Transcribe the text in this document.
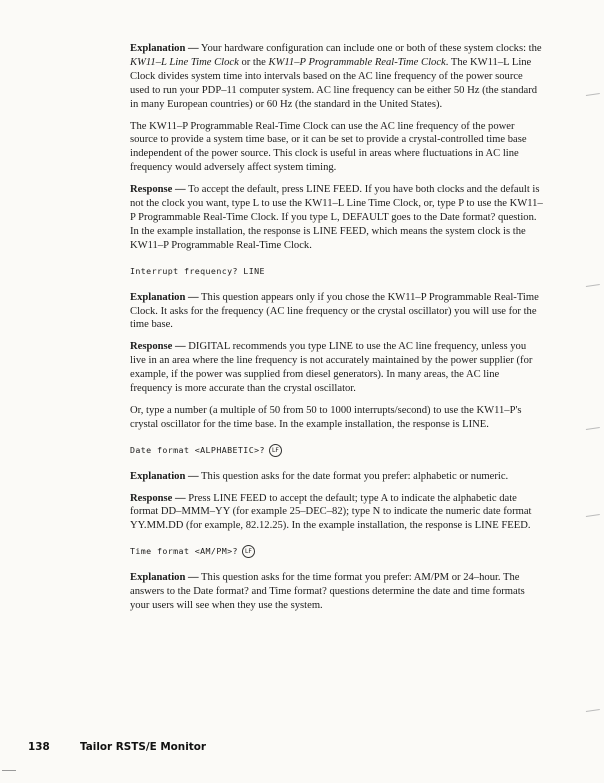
Explanation — Your hardware configuration can include one or both of these system clocks: the KW11–L Line Time Clock or the KW11–P Programmable Real-Time Clock. The KW11–L Line Clock divides system time into intervals based on the AC line frequency of the power source used to run your PDP–11 computer system. AC line frequency can be either 50 Hz (the standard in many European countries) or 60 Hz (the standard in the United States).

The KW11–P Programmable Real-Time Clock can use the AC line frequency of the power source to provide a system time base, or it can be set to provide a crystal-controlled time base independent of the power source. This clock is useful in areas where fluctuations in AC line frequency would adversely affect system timing.

Response — To accept the default, press LINE FEED. If you have both clocks and the default is not the clock you want, type L to use the KW11–L Line Time Clock, or, type P to use the KW11–P Programmable Real-Time Clock. If you type L, DEFAULT goes to the Date format? question. In the example installation, the response is LINE FEED, which means the system clock is the KW11–P Programmable Real-Time Clock.

Interrupt frequency? LINE

Explanation — This question appears only if you chose the KW11–P Programmable Real-Time Clock. It asks for the frequency (AC line frequency or the crystal oscillator) you will use for the time base.

Response — DIGITAL recommends you type LINE to use the AC line frequency, unless you live in an area where the line frequency is not accurately maintained by the power supplier (for example, if the power was supplied from diesel generators). In many areas, the AC line frequency is more accurate than the crystal oscillator.

Or, type a number (a multiple of 50 from 50 to 1000 interrupts/second) to use the KW11–P's crystal oscillator for the time base. In the example installation, the response is LINE.

Date format <ALPHABETIC>? LF

Explanation — This question asks for the date format you prefer: alphabetic or numeric.

Response — Press LINE FEED to accept the default; type A to indicate the alphabetic date format DD–MMM–YY (for example 25–DEC–82); type N to indicate the numeric date format YY.MM.DD (for example, 82.12.25). In the example installation, the response is LINE FEED.

Time format <AM/PM>? LF

Explanation — This question asks for the time format you prefer: AM/PM or 24–hour. The answers to the Date format? and Time format? questions determine the date and time formats your users will see when they use the system.

138	Tailor RSTS/E Monitor
